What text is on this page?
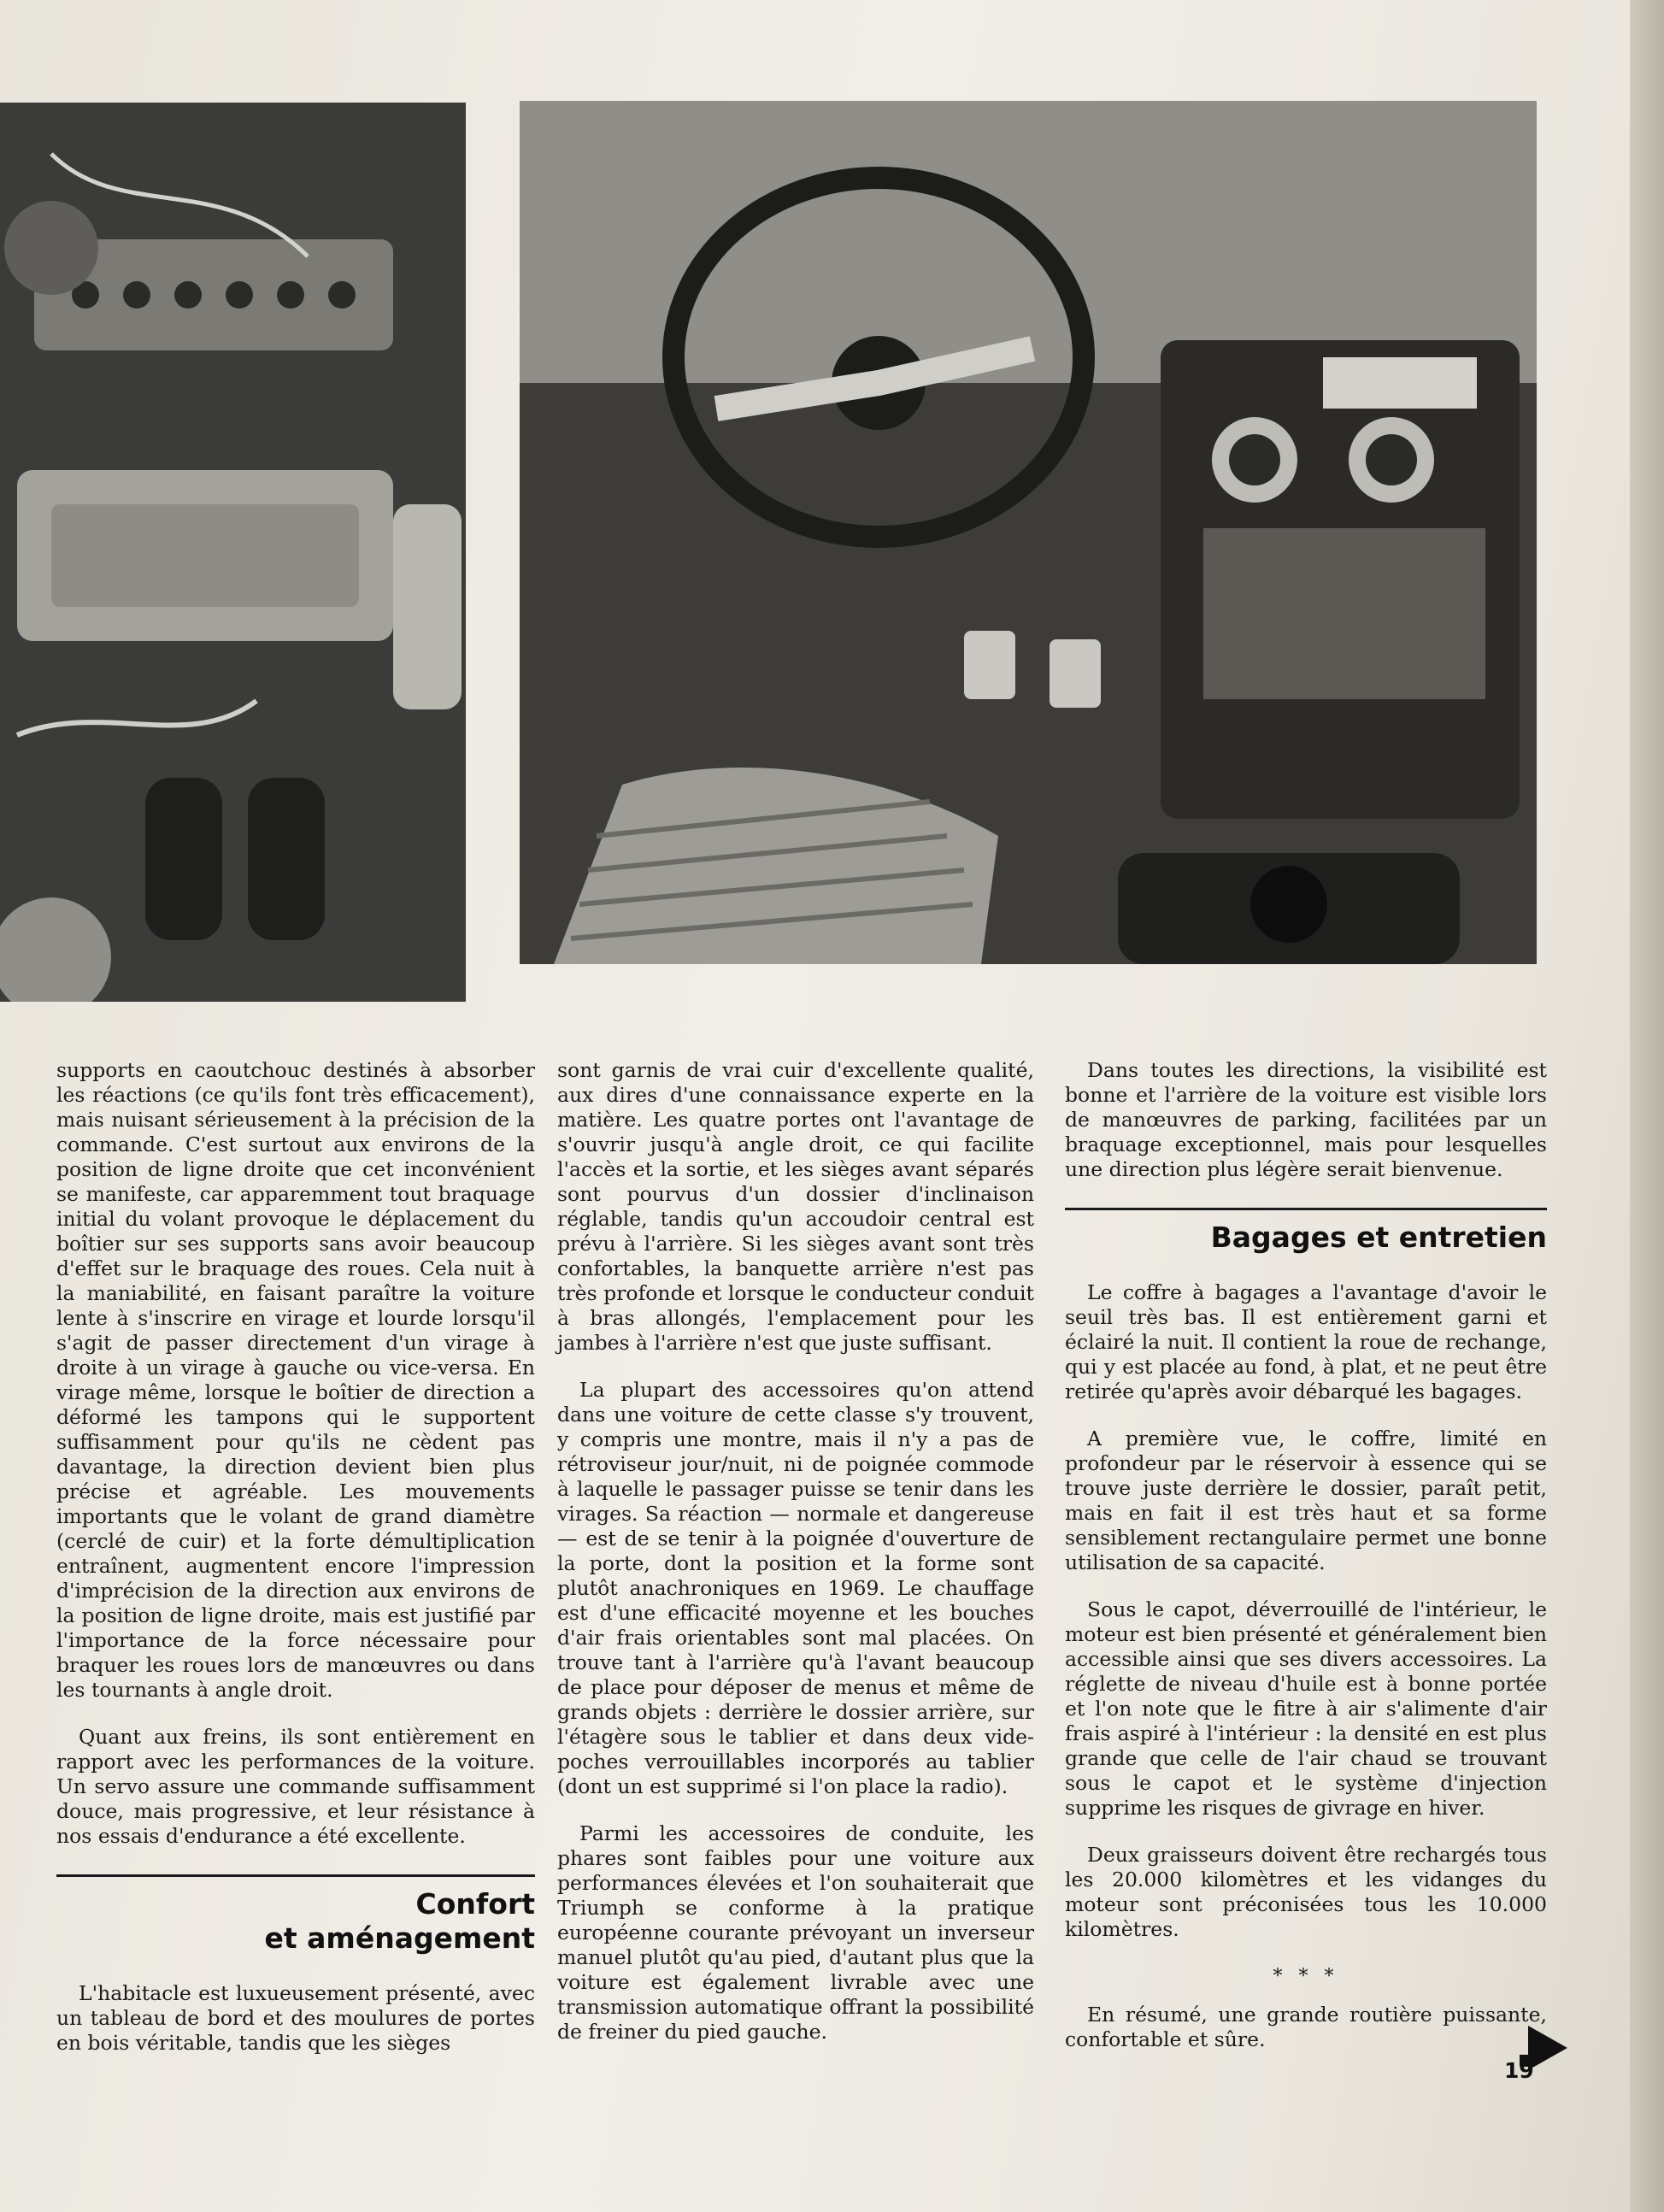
supports en caoutchouc destinés à absorber les réactions (ce qu'ils font très efficacement), mais nuisant sérieusement à la précision de la commande. C'est surtout aux environs de la position de ligne droite que cet inconvénient se manifeste, car apparemment tout braquage initial du volant provoque le déplacement du boîtier sur ses supports sans avoir beaucoup d'effet sur le braquage des roues. Cela nuit à la maniabilité, en faisant paraître la voiture lente à s'inscrire en virage et lourde lorsqu'il s'agit de passer directement d'un virage à droite à un virage à gauche ou vice-versa. En virage même, lorsque le boîtier de direction a déformé les tampons qui le supportent suffisamment pour qu'ils ne cèdent pas davantage, la direction devient bien plus précise et agréable. Les mouvements importants que le volant de grand diamètre (cerclé de cuir) et la forte démultiplication entraînent, augmentent encore l'impression d'imprécision de la direction aux environs de la position de ligne droite, mais est justifié par l'importance de la force nécessaire pour braquer les roues lors de manœuvres ou dans les tournants à angle droit.

Quant aux freins, ils sont entièrement en rapport avec les performances de la voiture. Un servo assure une commande suffisamment douce, mais progressive, et leur résistance à nos essais d'endurance a été excellente.

Confort
et aménagement

L'habitacle est luxueusement présenté, avec un tableau de bord et des moulures de portes en bois véritable, tandis que les sièges

sont garnis de vrai cuir d'excellente qualité, aux dires d'une connaissance experte en la matière. Les quatre portes ont l'avantage de s'ouvrir jusqu'à angle droit, ce qui facilite l'accès et la sortie, et les sièges avant séparés sont pourvus d'un dossier d'inclinaison réglable, tandis qu'un accoudoir central est prévu à l'arrière. Si les sièges avant sont très confortables, la banquette arrière n'est pas très profonde et lorsque le conducteur conduit à bras allongés, l'emplacement pour les jambes à l'arrière n'est que juste suffisant.

La plupart des accessoires qu'on attend dans une voiture de cette classe s'y trouvent, y compris une montre, mais il n'y a pas de rétroviseur jour/nuit, ni de poignée commode à laquelle le passager puisse se tenir dans les virages. Sa réaction — normale et dangereuse — est de se tenir à la poignée d'ouverture de la porte, dont la position et la forme sont plutôt anachroniques en 1969. Le chauffage est d'une efficacité moyenne et les bouches d'air frais orientables sont mal placées. On trouve tant à l'arrière qu'à l'avant beaucoup de place pour déposer de menus et même de grands objets : derrière le dossier arrière, sur l'étagère sous le tablier et dans deux vide-poches verrouillables incorporés au tablier (dont un est supprimé si l'on place la radio).

Parmi les accessoires de conduite, les phares sont faibles pour une voiture aux performances élevées et l'on souhaiterait que Triumph se conforme à la pratique européenne courante prévoyant un inverseur manuel plutôt qu'au pied, d'autant plus que la voiture est également livrable avec une transmission automatique offrant la possibilité de freiner du pied gauche.

Dans toutes les directions, la visibilité est bonne et l'arrière de la voiture est visible lors de manœuvres de parking, facilitées par un braquage exceptionnel, mais pour lesquelles une direction plus légère serait bienvenue.

Bagages et entretien

Le coffre à bagages a l'avantage d'avoir le seuil très bas. Il est entièrement garni et éclairé la nuit. Il contient la roue de rechange, qui y est placée au fond, à plat, et ne peut être retirée qu'après avoir débarqué les bagages.

A première vue, le coffre, limité en profondeur par le réservoir à essence qui se trouve juste derrière le dossier, paraît petit, mais en fait il est très haut et sa forme sensiblement rectangulaire permet une bonne utilisation de sa capacité.

Sous le capot, déverrouillé de l'intérieur, le moteur est bien présenté et généralement bien accessible ainsi que ses divers accessoires. La réglette de niveau d'huile est à bonne portée et l'on note que le fitre à air s'alimente d'air frais aspiré à l'intérieur : la densité en est plus grande que celle de l'air chaud se trouvant sous le capot et le système d'injection supprime les risques de givrage en hiver.

Deux graisseurs doivent être rechargés tous les 20.000 kilomètres et les vidanges du moteur sont préconisées tous les 10.000 kilomètres.

* * *

En résumé, une grande routière puissante, confortable et sûre.

19
